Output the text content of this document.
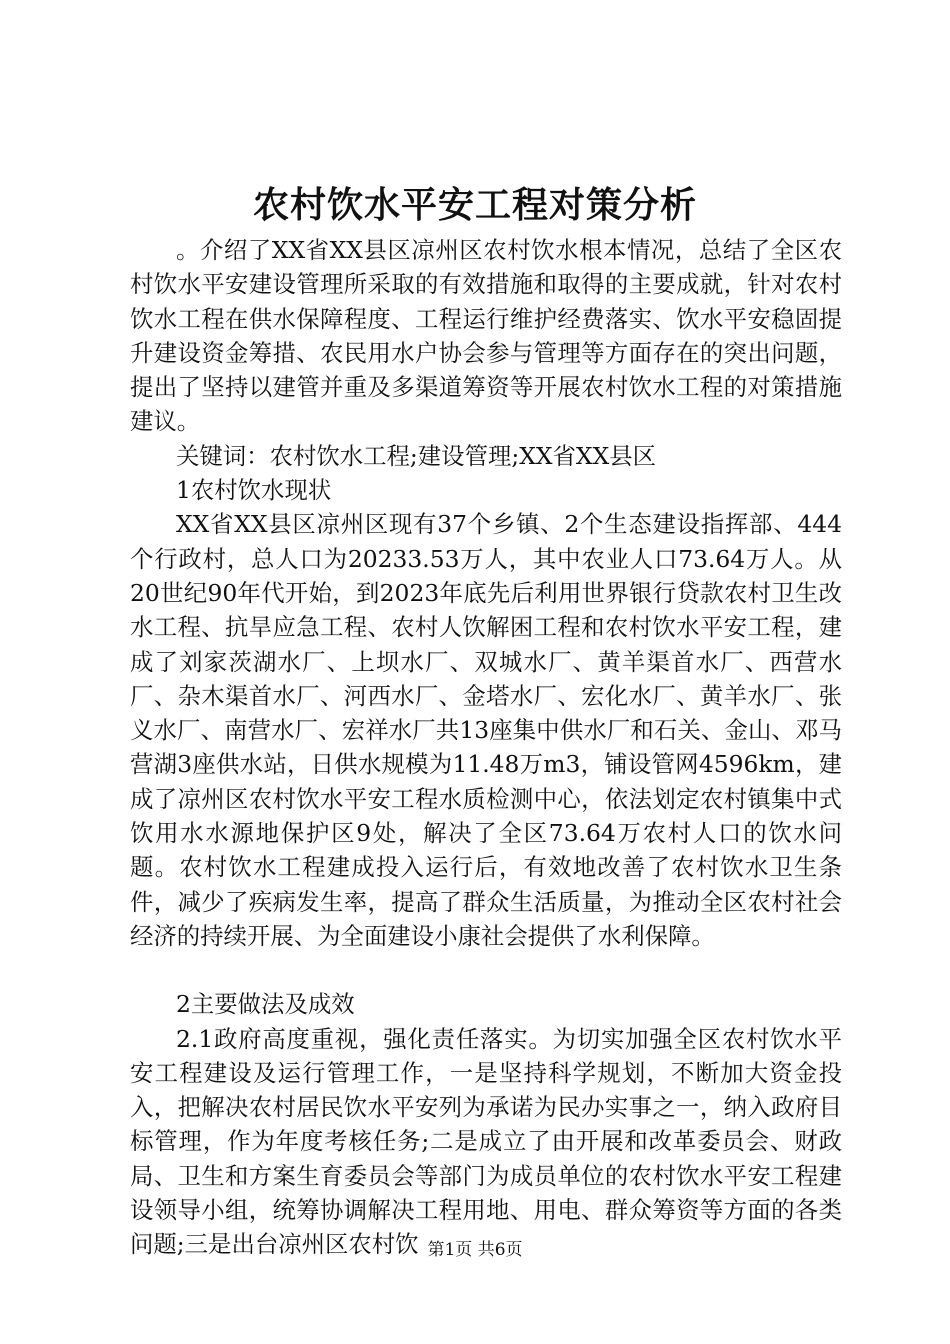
农村饮水平安工程对策分析

。介绍了XX省XX县区凉州区农村饮水根本情况，总结了全区农村饮水平安建设管理所采取的有效措施和取得的主要成就，针对农村饮水工程在供水保障程度、工程运行维护经费落实、饮水平安稳固提升建设资金筹措、农民用水户协会参与管理等方面存在的突出问题，提出了坚持以建管并重及多渠道筹资等开展农村饮水工程的对策措施建议。

关键词：农村饮水工程;建设管理;XX省XX县区

1农村饮水现状

XX省XX县区凉州区现有37个乡镇、2个生态建设指挥部、444个行政村，总人口为20233.53万人，其中农业人口73.64万人。从20世纪90年代开始，到2023年底先后利用世界银行贷款农村卫生改水工程、抗旱应急工程、农村人饮解困工程和农村饮水平安工程，建成了刘家茨湖水厂、上坝水厂、双城水厂、黄羊渠首水厂、西营水厂、杂木渠首水厂、河西水厂、金塔水厂、宏化水厂、黄羊水厂、张义水厂、南营水厂、宏祥水厂共13座集中供水厂和石关、金山、邓马营湖3座供水站，日供水规模为11.48万m3，铺设管网4596km，建成了凉州区农村饮水平安工程水质检测中心，依法划定农村镇集中式饮用水水源地保护区9处，解决了全区73.64万农村人口的饮水问题。农村饮水工程建成投入运行后，有效地改善了农村饮水卫生条件，减少了疾病发生率，提高了群众生活质量，为推动全区农村社会经济的持续开展、为全面建设小康社会提供了水利保障。

2主要做法及成效

2.1政府高度重视，强化责任落实。为切实加强全区农村饮水平安工程建设及运行管理工作，一是坚持科学规划，不断加大资金投入，把解决农村居民饮水平安列为承诺为民办实事之一，纳入政府目标管理，作为年度考核任务;二是成立了由开展和改革委员会、财政局、卫生和方案生育委员会等部门为成员单位的农村饮水平安工程建设领导小组，统筹协调解决工程用地、用电、群众筹资等方面的各类问题;三是出台凉州区农村饮 第1页 共6页
